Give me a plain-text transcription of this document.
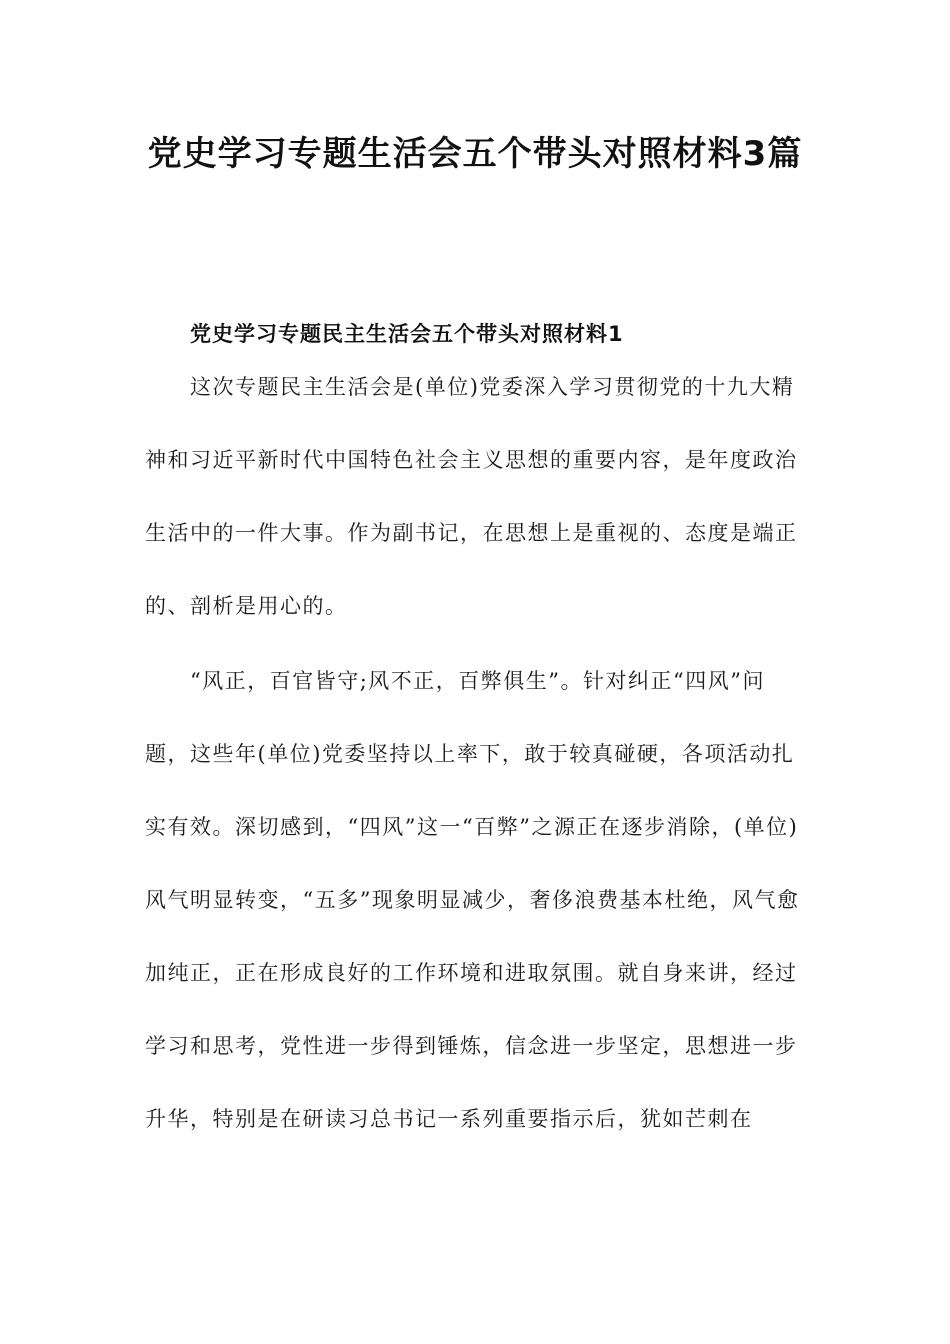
党史学习专题生活会五个带头对照材料3篇
党史学习专题民主生活会五个带头对照材料1

这次专题民主生活会是(单位)党委深入学习贯彻党的十九大精神和习近平新时代中国特色社会主义思想的重要内容，是年度政治生活中的一件大事。作为副书记，在思想上是重视的、态度是端正的、剖析是用心的。

“风正，百官皆守;风不正，百弊俱生”。针对纠正“四风”问题，这些年(单位)党委坚持以上率下，敢于较真碰硬，各项活动扎实有效。深切感到，“四风”这一“百弊”之源正在逐步消除，(单位)风气明显转变，“五多”现象明显减少，奢侈浪费基本杜绝，风气愈加纯正，正在形成良好的工作环境和进取氛围。就自身来讲，经过学习和思考，党性进一步得到锤炼，信念进一步坚定，思想进一步升华，特别是在研读习总书记一系列重要指示后，犹如芒刺在
